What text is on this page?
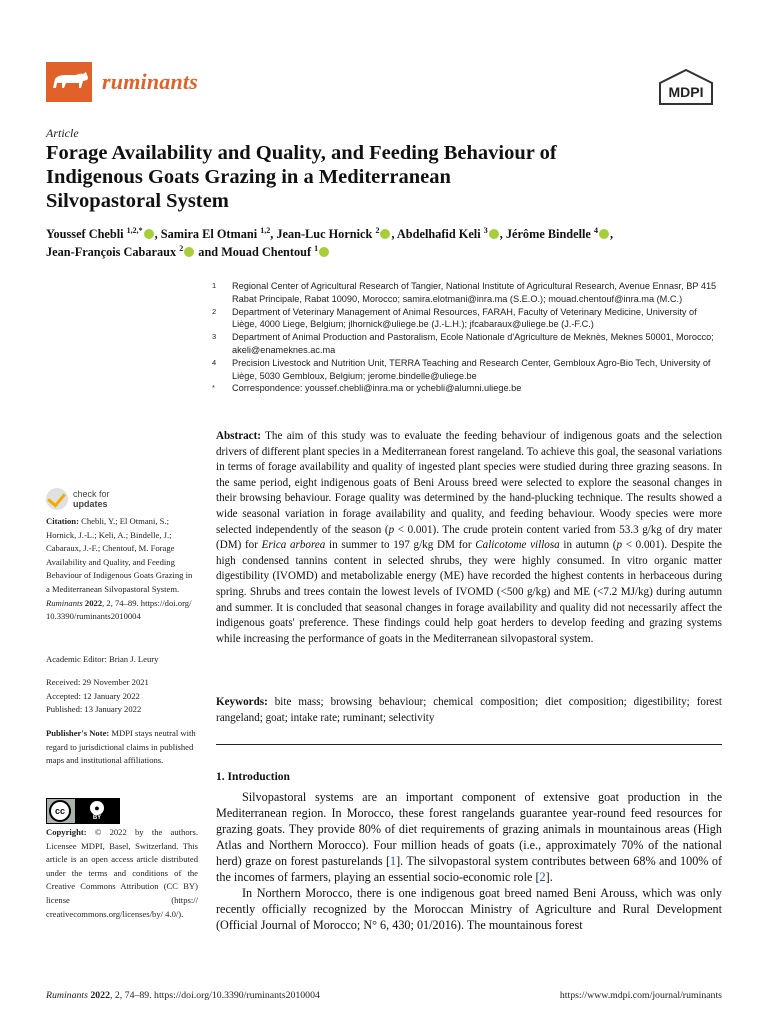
ruminants	MDPI
Article
Forage Availability and Quality, and Feeding Behaviour of
Indigenous Goats Grazing in a Mediterranean
Silvopastoral System
Youssef Chebli $^{1,2,*}$ , Samira El Otmani $^{1,2}$, Jean-Luc Hornick $^2$ , Abdelhafid Keli $^3$ , Jérôme Bindelle $^4$ ,
Jean-François Cabaraux $^2$ and Mouad Chentouf $^1$
1	Regional Center of Agricultural Research of Tangier, National Institute of Agricultural Research, Avenue Ennasr, BP 415 Rabat Principale, Rabat 10090, Morocco; samira.elotmani@inra.ma (S.E.O.); mouad.chentouf@inra.ma (M.C.)
2	Department of Veterinary Management of Animal Resources, FARAH, Faculty of Veterinary Medicine, University of Liège, 4000 Liege, Belgium; jlhornick@uliege.be (J.-L.H.); jfcabaraux@uliege.be (J.-F.C.)
3	Department of Animal Production and Pastoralism, Ecole Nationale d'Agriculture de Meknès, Meknes 50001, Morocco; akeli@enameknes.ac.ma
4	Precision Livestock and Nutrition Unit, TERRA Teaching and Research Center, Gembloux Agro-Bio Tech, University of Liège, 5030 Gembloux, Belgium; jerome.bindelle@uliege.be
*	Correspondence: youssef.chebli@inra.ma or ychebli@alumni.uliege.be
check for
updates
Citation: Chebli, Y.; El Otmani, S.; Hornick, J.-L.; Keli, A.; Bindelle, J.; Cabaraux, J.-F.; Chentouf, M. Forage Availability and Quality, and Feeding Behaviour of Indigenous Goats Grazing in a Mediterranean Silvopastoral System. Ruminants 2022, 2, 74–89. https://doi.org/ 10.3390/ruminants2010004
Academic Editor: Brian J. Leury
Received: 29 November 2021
Accepted: 12 January 2022
Published: 13 January 2022
Publisher's Note: MDPI stays neutral with regard to jurisdictional claims in published maps and institutional affiliations.
cc	●
BY
Copyright: © 2022 by the authors. Licensee MDPI, Basel, Switzerland. This article is an open access article distributed under the terms and conditions of the Creative Commons Attribution (CC BY) license (https:// creativecommons.org/licenses/by/ 4.0/).
Abstract: The aim of this study was to evaluate the feeding behaviour of indigenous goats and the selection drivers of different plant species in a Mediterranean forest rangeland. To achieve this goal, the seasonal variations in terms of forage availability and quality of ingested plant species were studied during three grazing seasons. In the same period, eight indigenous goats of Beni Arouss breed were selected to explore the seasonal changes in their browsing behaviour. Forage quality was determined by the hand-plucking technique. The results showed a wide seasonal variation in forage availability and quality, and feeding behaviour. Woody species were more selected independently of the season (p < 0.001). The crude protein content varied from 53.3 g/kg of dry mater (DM) for Erica arborea in summer to 197 g/kg DM for Calicotome villosa in autumn (p < 0.001). Despite the high condensed tannins content in selected shrubs, they were highly consumed. In vitro organic matter digestibility (IVOMD) and metabolizable energy (ME) have recorded the highest contents in herbaceous during spring. Shrubs and trees contain the lowest levels of IVOMD (<500 g/kg) and ME (<7.2 MJ/kg) during autumn and summer. It is concluded that seasonal changes in forage availability and quality did not necessarily affect the indigenous goats' preference. These findings could help goat herders to develop feeding and grazing systems while increasing the performance of goats in the Mediterranean silvopastoral system.
Keywords: bite mass; browsing behaviour; chemical composition; diet composition; digestibility; forest rangeland; goat; intake rate; ruminant; selectivity
1. Introduction

Silvopastoral systems are an important component of extensive goat production in the Mediterranean region. In Morocco, these forest rangelands guarantee year-round feed resources for grazing goats. They provide 80% of diet requirements of grazing animals in mountainous areas (High Atlas and Northern Morocco). Four million heads of goats (i.e., approximately 70% of the national herd) graze on forest pasturelands [1]. The silvopastoral system contributes between 68% and 100% of the incomes of farmers, playing an essential socio-economic role [2].

In Northern Morocco, there is one indigenous goat breed named Beni Arouss, which was only recently officially recognized by the Moroccan Ministry of Agriculture and Rural Development (Official Journal of Morocco; N° 6, 430; 01/2016). The mountainous forest

Ruminants 2022, 2, 74–89. https://doi.org/10.3390/ruminants2010004	https://www.mdpi.com/journal/ruminants
